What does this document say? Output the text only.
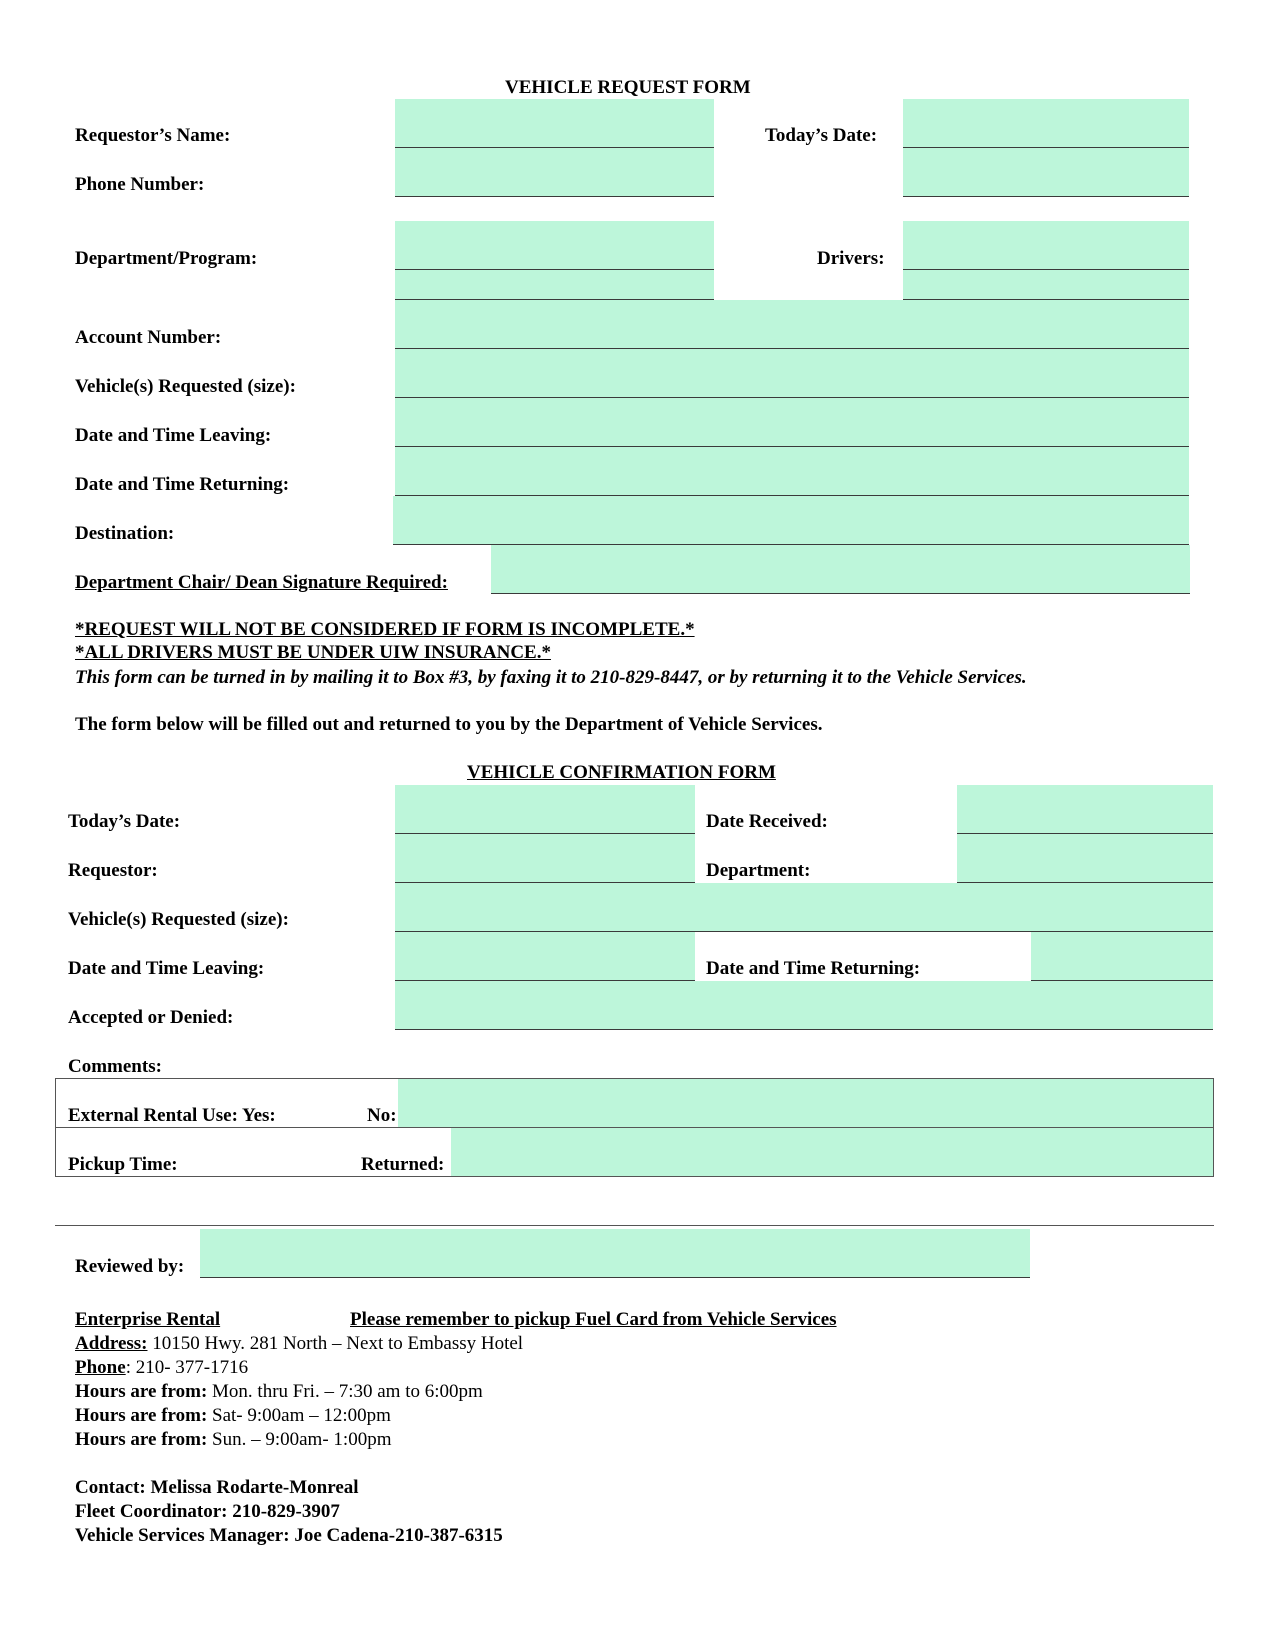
VEHICLE REQUEST FORM
Requestor’s Name:	Today’s Date:
Phone Number:
Department/Program:	Drivers:
Account Number:
Vehicle(s) Requested (size):
Date and Time Leaving:
Date and Time Returning:
Destination:
Department Chair/ Dean Signature Required:
*REQUEST WILL NOT BE CONSIDERED IF FORM IS INCOMPLETE.*
*ALL DRIVERS MUST BE UNDER UIW INSURANCE.*
This form can be turned in by mailing it to Box #3, by faxing it to 210-829-8447, or by returning it to the Vehicle Services.
The form below will be filled out and returned to you by the Department of Vehicle Services.
VEHICLE CONFIRMATION FORM
Today’s Date:	Date Received:
Requestor:	Department:
Vehicle(s) Requested (size):
Date and Time Leaving:	Date and Time Returning:
Accepted or Denied:
Comments:
External Rental Use: Yes:	No:
Pickup Time:	Returned:
Reviewed by:
Enterprise Rental	Please remember to pickup Fuel Card from Vehicle Services
Address: 10150 Hwy. 281 North – Next to Embassy Hotel
Phone: 210- 377-1716
Hours are from: Mon. thru Fri. – 7:30 am to 6:00pm
Hours are from: Sat- 9:00am – 12:00pm
Hours are from: Sun. – 9:00am- 1:00pm
Contact: Melissa Rodarte-Monreal
Fleet Coordinator: 210-829-3907
Vehicle Services Manager: Joe Cadena-210-387-6315
